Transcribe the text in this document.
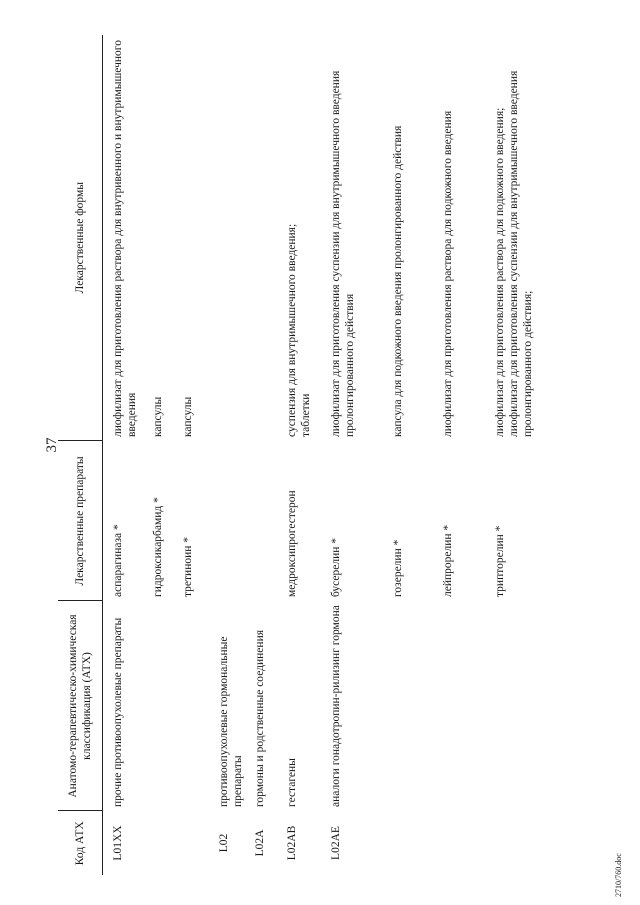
37
Код АТХ	Анатомо-терапевтическо-химическая классификация (АТХ)	Лекарственные препараты	Лекарственные формы
L01XX	прочие противоопухолевые препараты	аспарагиназа *	лиофилизат для приготовления раствора для внутривенного и внутримышечного введения

		гидроксикарбамид *	капсулы

		третиноин *	капсулы

L02	противоопухолевые гормональные препараты		
L02A	гормоны и родственные соединения		
L02AB	гестагены	медроксипрогестерон	суспензия для внутримышечного введения; таблетки

L02AE	аналоги гонадотропин-рилизинг гормона	бусерелин *	лиофилизат для приготовления суспензии для внутримышечного введения пролонгированного действия

		гозерелин *	капсула для подкожного введения пролонгированного действия

		лейпрорелин *	лиофилизат для приготовления раствора для подкожного введения

		трипторелин *	лиофилизат для приготовления раствора для подкожного введения; лиофилизат для приготовления суспензии для внутримышечного введения пролонгированного действия;

2710/760.doc
